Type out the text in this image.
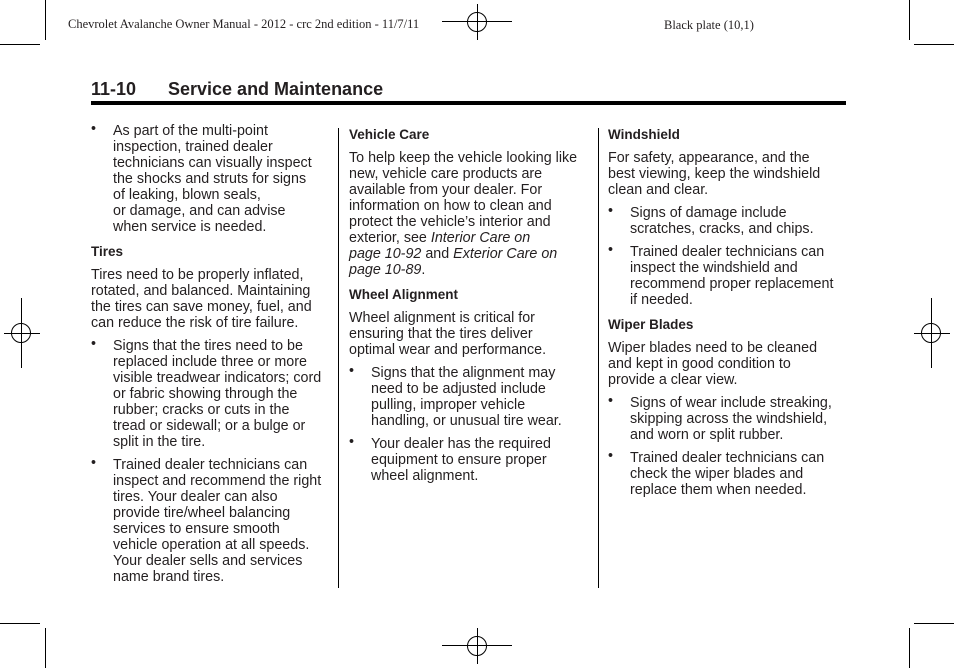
Chevrolet Avalanche Owner Manual - 2012 - crc 2nd edition - 11/7/11	Black plate (10,1)
11-10 Service and Maintenance
• As part of the multi-point
inspection, trained dealer
technicians can visually inspect
the shocks and struts for signs
of leaking, blown seals,
or damage, and can advise
when service is needed.
Tires
Tires need to be properly inflated,
rotated, and balanced. Maintaining
the tires can save money, fuel, and
can reduce the risk of tire failure.
• Signs that the tires need to be
replaced include three or more
visible treadwear indicators; cord
or fabric showing through the
rubber; cracks or cuts in the
tread or sidewall; or a bulge or
split in the tire.
• Trained dealer technicians can
inspect and recommend the right
tires. Your dealer can also
provide tire/wheel balancing
services to ensure smooth
vehicle operation at all speeds.
Your dealer sells and services
name brand tires.
Vehicle Care
To help keep the vehicle looking like
new, vehicle care products are
available from your dealer. For
information on how to clean and
protect the vehicle’s interior and
exterior, see Interior Care on
page 10-92 and Exterior Care on
page 10-89.
Wheel Alignment
Wheel alignment is critical for
ensuring that the tires deliver
optimal wear and performance.
• Signs that the alignment may
need to be adjusted include
pulling, improper vehicle
handling, or unusual tire wear.
• Your dealer has the required
equipment to ensure proper
wheel alignment.
Windshield
For safety, appearance, and the
best viewing, keep the windshield
clean and clear.
• Signs of damage include
scratches, cracks, and chips.
• Trained dealer technicians can
inspect the windshield and
recommend proper replacement
if needed.
Wiper Blades
Wiper blades need to be cleaned
and kept in good condition to
provide a clear view.
• Signs of wear include streaking,
skipping across the windshield,
and worn or split rubber.
• Trained dealer technicians can
check the wiper blades and
replace them when needed.
